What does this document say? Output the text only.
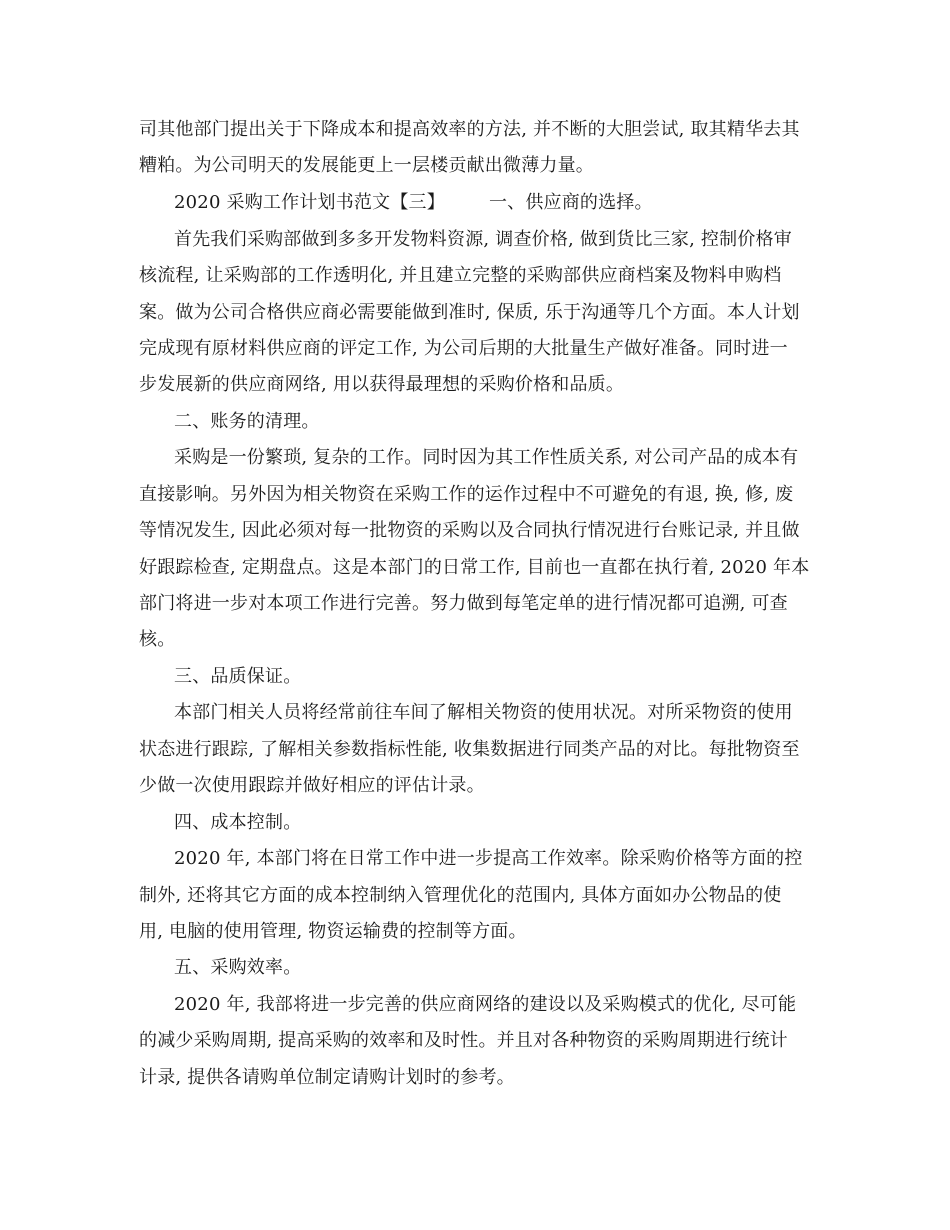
司其他部门提出关于下降成本和提高效率的方法, 并不断的大胆尝试, 取其精华去其
糟粕。为公司明天的发展能更上一层楼贡献出微薄力量。
2020 采购工作计划书范文【三】 一、供应商的选择。
首先我们采购部做到多多开发物料资源, 调查价格, 做到货比三家, 控制价格审
核流程, 让采购部的工作透明化, 并且建立完整的采购部供应商档案及物料申购档
案。做为公司合格供应商必需要能做到准时, 保质, 乐于沟通等几个方面。本人计划
完成现有原材料供应商的评定工作, 为公司后期的大批量生产做好准备。同时进一
步发展新的供应商网络, 用以获得最理想的采购价格和品质。
二、账务的清理。
采购是一份繁琐, 复杂的工作。同时因为其工作性质关系, 对公司产品的成本有
直接影响。另外因为相关物资在采购工作的运作过程中不可避免的有退, 换, 修, 废
等情况发生, 因此必须对每一批物资的采购以及合同执行情况进行台账记录, 并且做
好跟踪检查, 定期盘点。这是本部门的日常工作, 目前也一直都在执行着, 2020 年本
部门将进一步对本项工作进行完善。努力做到每笔定单的进行情况都可追溯, 可查
核。
三、品质保证。
本部门相关人员将经常前往车间了解相关物资的使用状况。对所采物资的使用
状态进行跟踪, 了解相关参数指标性能, 收集数据进行同类产品的对比。每批物资至
少做一次使用跟踪并做好相应的评估计录。
四、成本控制。
2020 年, 本部门将在日常工作中进一步提高工作效率。除采购价格等方面的控
制外, 还将其它方面的成本控制纳入管理优化的范围内, 具体方面如办公物品的使
用, 电脑的使用管理, 物资运输费的控制等方面。
五、采购效率。
2020 年, 我部将进一步完善的供应商网络的建设以及采购模式的优化, 尽可能
的减少采购周期, 提高采购的效率和及时性。并且对各种物资的采购周期进行统计
计录, 提供各请购单位制定请购计划时的参考。
